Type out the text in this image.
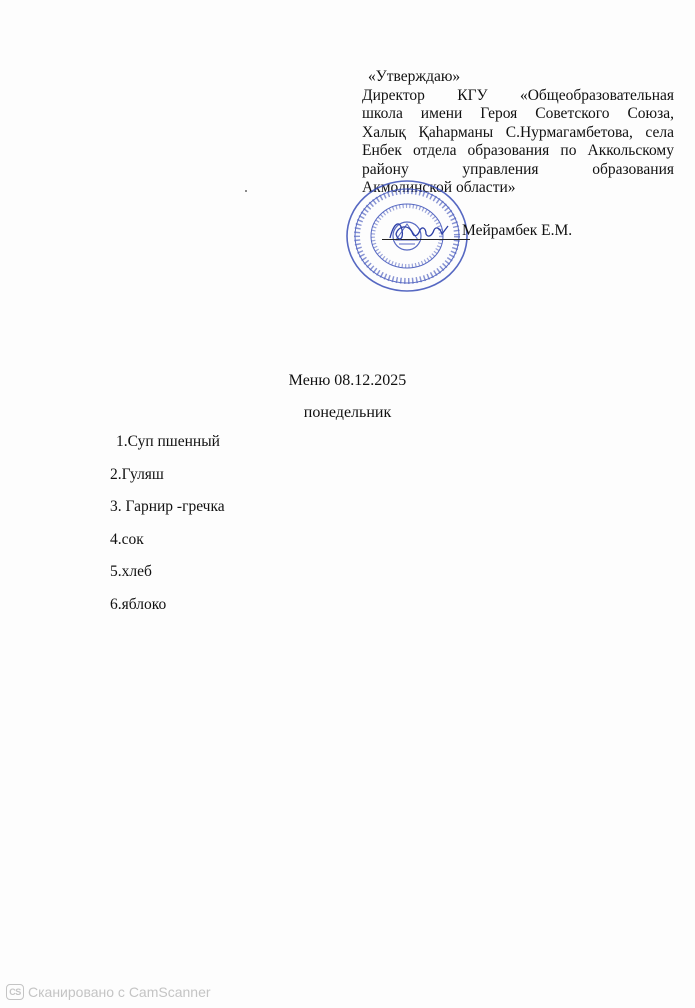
«Утверждаю»
Директор КГУ «Общеобразовательная
школа имени Героя Советского Союза,
Халық Қаһарманы С.Нурмагамбетова, села
Енбек отдела образования по Аккольскому
району управления образования
Акмолинской области»
Мейрамбек Е.М.
Меню 08.12.2025
понедельник
1.Суп пшенный
2.Гуляш
3. Гарнир -гречка
4.сок
5.хлеб
6.яблоко
CS Сканировано с CamScanner
